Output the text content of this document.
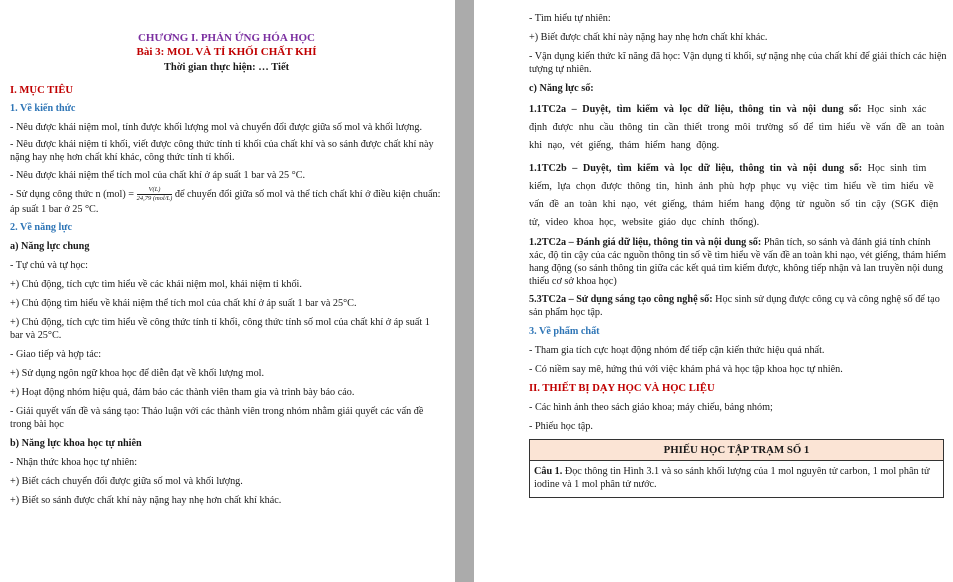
CHƯƠNG I. PHẢN ỨNG HÓA HỌC

Bài 3: MOL VÀ TỈ KHỐI CHẤT KHÍ

Thời gian thực hiện: … Tiết

I. MỤC TIÊU

1. Về kiến thức

- Nêu được khái niệm mol, tính được khối lượng mol và chuyển đổi được giữa số mol và khối lượng.

- Nêu được khái niệm tỉ khối, viết được công thức tính tỉ khối của chất khí và so sánh được chất khí này nặng hay nhẹ hơn chất khí khác, công thức tính tỉ khối.

- Nêu được khái niệm thể tích mol của chất khí ở áp suất 1 bar và 25 °C.

- Sử dụng công thức n $(mol) = \frac{V(L)}{\text{24,79 (mol/L)}}$ để chuyển đổi giữa số mol và thể tích chất khí ở điều kiện chuẩn: áp suất 1 bar ở 25 °C.

2. Về năng lực

a) Năng lực chung

- Tự chủ và tự học:

+) Chủ động, tích cực tìm hiểu về các khái niệm mol, khái niệm tỉ khối.

+) Chủ động tìm hiểu về khái niệm thể tích mol của chất khí ở áp suất 1 bar và 25°C.

+) Chủ động, tích cực tìm hiểu về công thức tính tỉ khối, công thức tính số mol của chất khí ở áp suất 1 bar và 25°C.

- Giao tiếp và hợp tác:

+) Sử dụng ngôn ngữ khoa học để diễn đạt về khối lượng mol.

+) Hoạt động nhóm hiệu quả, đảm bảo các thành viên tham gia và trình bày báo cáo.

- Giải quyết vấn đề và sáng tạo: Thảo luận với các thành viên trong nhóm nhằm giải quyết các vấn đề trong bài học

b) Năng lực khoa học tự nhiên

- Nhận thức khoa học tự nhiên:

+) Biết cách chuyển đổi được giữa số mol và khối lượng.

+) Biết so sánh được chất khí này nặng hay nhẹ hơn chất khí khác.

- Tìm hiểu tự nhiên:

+) Biết được chất khí này nặng hay nhẹ hơn chất khí khác.

- Vận dụng kiến thức kĩ năng đã học: Vận dụng tỉ khối, sự nặng nhẹ của chất khí để giải thích các hiện tượng tự nhiên.

c) Năng lực số:

1.1TC2a – Duyệt, tìm kiếm và lọc dữ liệu, thông tin và nội dung số: Học sinh xác định được nhu cầu thông tin cần thiết trong môi trường số để tìm hiểu về vấn đề an toàn khi nạo, vét giếng, thám hiểm hang động.

1.1TC2b – Duyệt, tìm kiếm và lọc dữ liệu, thông tin và nội dung số: Học sinh tìm kiếm, lựa chọn được thông tin, hình ảnh phù hợp phục vụ việc tìm hiểu về tìm hiểu về vấn đề an toàn khi nạo, vét giếng, thám hiểm hang động từ nguồn số tin cậy (SGK điện tử, video khoa học, website giáo dục chính thống).

1.2TC2a – Đánh giá dữ liệu, thông tin và nội dung số: Phân tích, so sánh và đánh giá tính chính xác, độ tin cậy của các nguồn thông tin số về tìm hiểu về vấn đề an toàn khi nạo, vét giếng, thám hiểm hang động (so sánh thông tin giữa các kết quả tìm kiếm được, không tiếp nhận và lan truyền nội dung thiếu cơ sở khoa học)

5.3TC2a – Sử dụng sáng tạo công nghệ số: Học sinh sử dụng được công cụ và công nghệ số để tạo sản phẩm học tập.

3. Về phẩm chất

- Tham gia tích cực hoạt động nhóm để tiếp cận kiến thức hiệu quả nhất.

- Có niềm say mê, hứng thú với việc khám phá và học tập khoa học tự nhiên.

II. THIẾT BỊ DẠY HỌC VÀ HỌC LIỆU

- Các hình ảnh theo sách giáo khoa; máy chiếu, bảng nhóm;

- Phiếu học tập.

PHIẾU HỌC TẬP TRẠM SỐ 1
Câu 1. Đọc thông tin Hình 3.1 và so sánh khối lượng của 1 mol nguyên tử carbon, 1 mol phân tử iodine và 1 mol phân tử nước.
